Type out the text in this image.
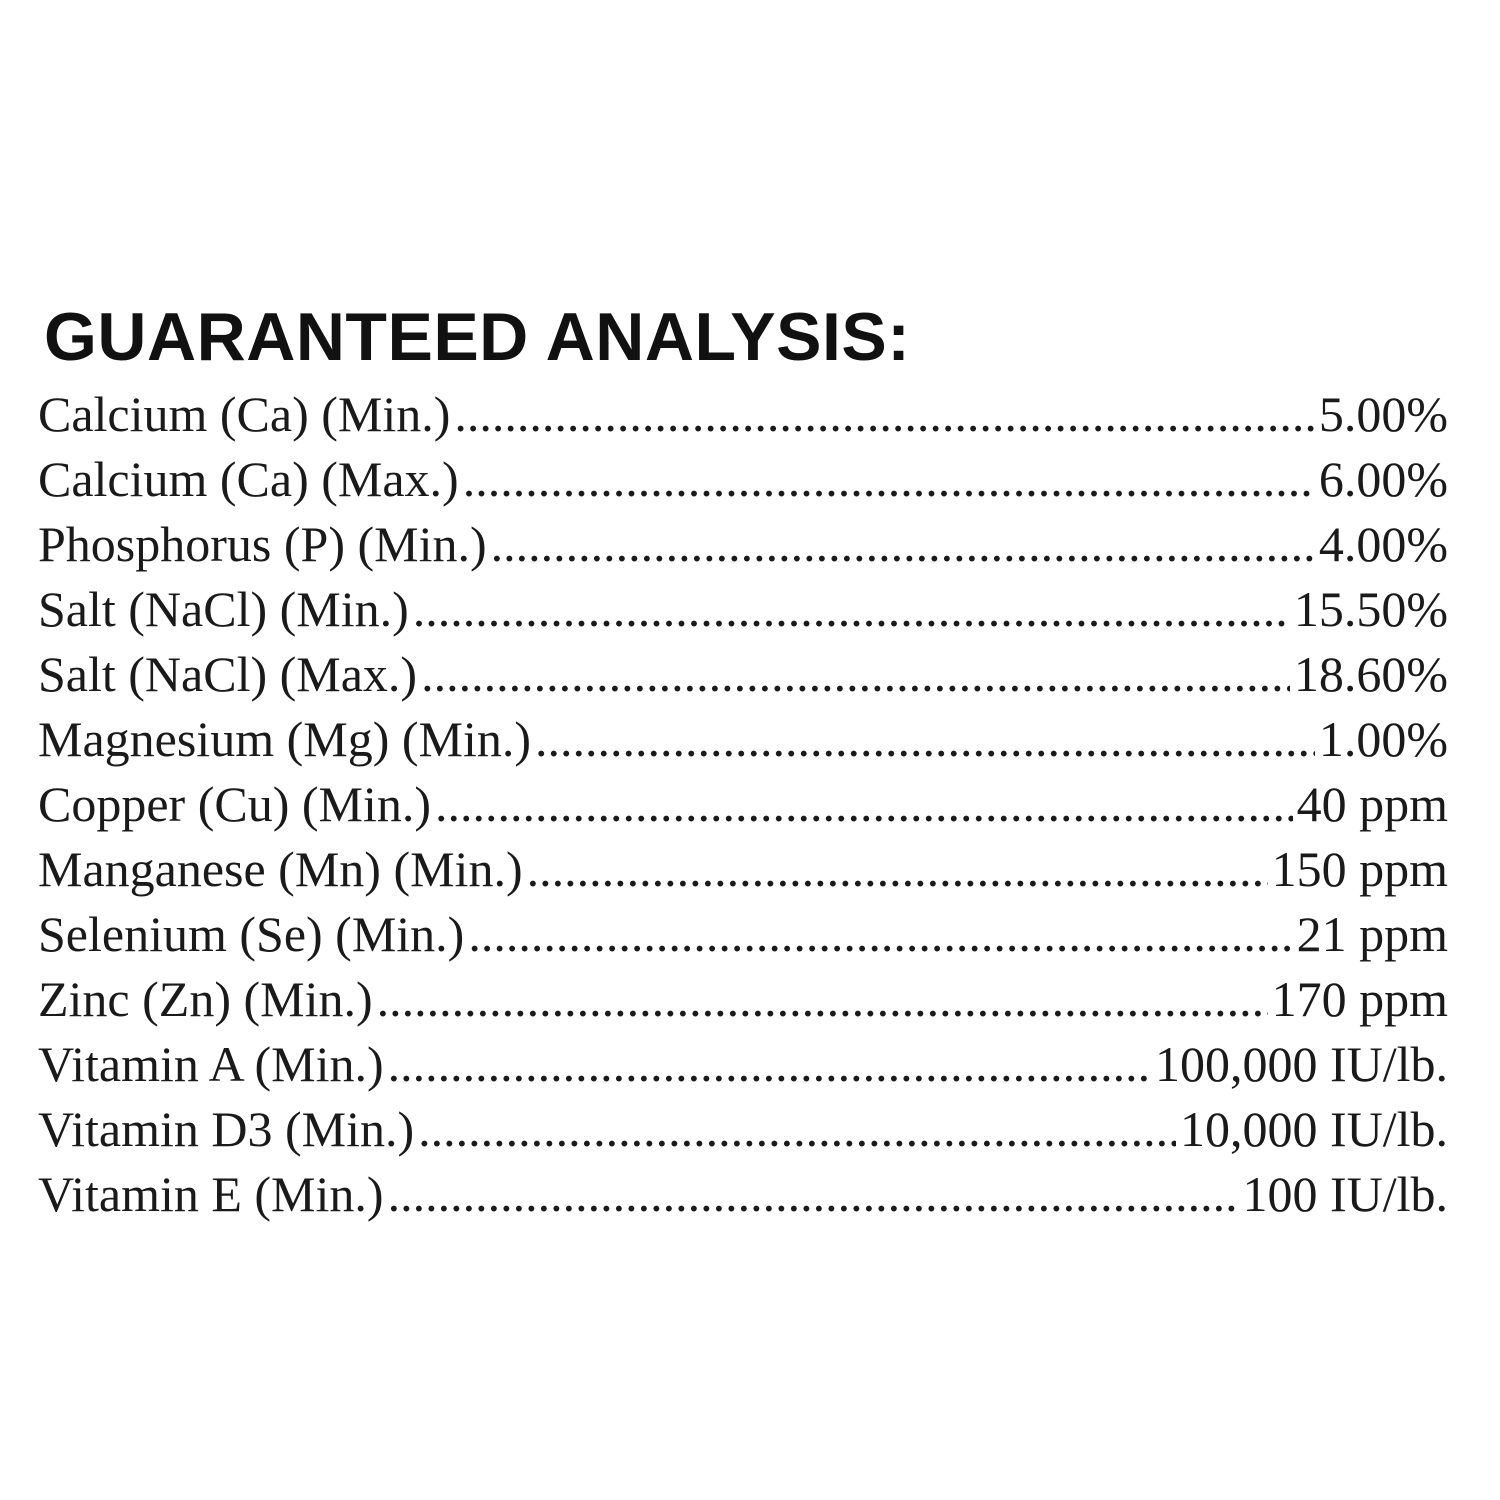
GUARANTEED ANALYSIS:
Calcium (Ca) (Min.) .....	5.00%
Calcium (Ca) (Max.) .....	6.00%
Phosphorus (P) (Min.) .....	4.00%
Salt (NaCl) (Min.) .....	15.50%
Salt (NaCl) (Max.) .....	18.60%
Magnesium (Mg) (Min.) .....	1.00%
Copper (Cu) (Min.) .....	40 ppm
Manganese (Mn) (Min.) .....	150 ppm
Selenium (Se) (Min.) .....	21 ppm
Zinc (Zn) (Min.) .....	170 ppm
Vitamin A (Min.) .....	100,000 IU/lb.
Vitamin D3 (Min.) .....	10,000 IU/lb.
Vitamin E (Min.) .....	100 IU/lb.
